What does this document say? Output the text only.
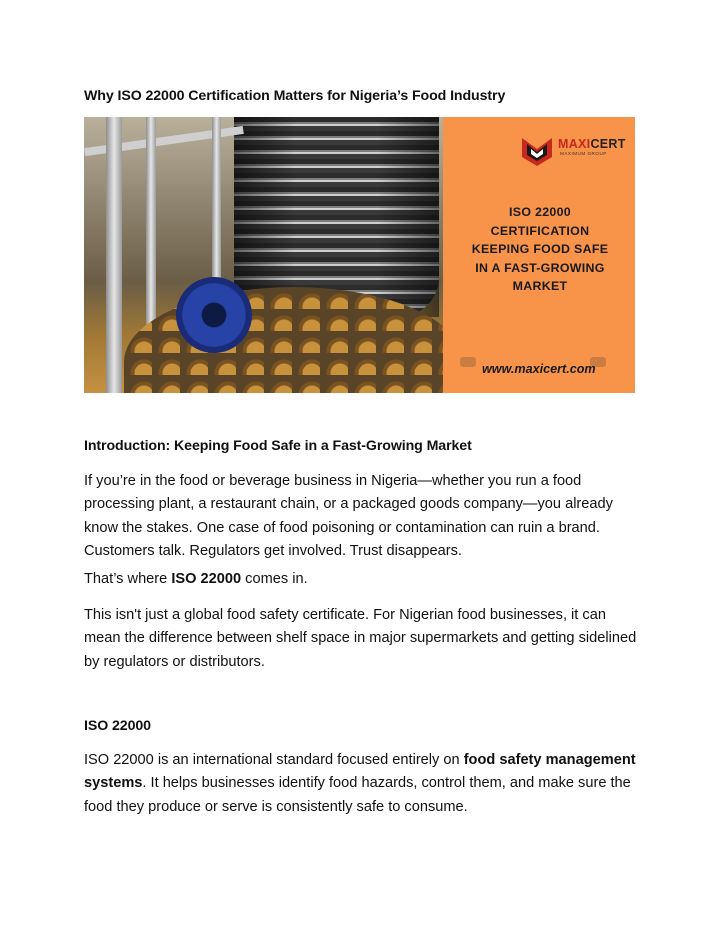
Why ISO 22000 Certification Matters for Nigeria’s Food Industry
MAXICERT
MAXIMUM GROUP
ISO 22000
CERTIFICATION
KEEPING FOOD SAFE
IN A FAST-GROWING
MARKET
www.maxicert.com
Introduction: Keeping Food Safe in a Fast-Growing Market
If you’re in the food or beverage business in Nigeria—whether you run a food processing plant, a restaurant chain, or a packaged goods company—you already know the stakes. One case of food poisoning or contamination can ruin a brand. Customers talk. Regulators get involved. Trust disappears.
That’s where ISO 22000 comes in.
This isn't just a global food safety certificate. For Nigerian food businesses, it can mean the difference between shelf space in major supermarkets and getting sidelined by regulators or distributors.
ISO 22000
ISO 22000 is an international standard focused entirely on food safety management systems. It helps businesses identify food hazards, control them, and make sure the food they produce or serve is consistently safe to consume.
